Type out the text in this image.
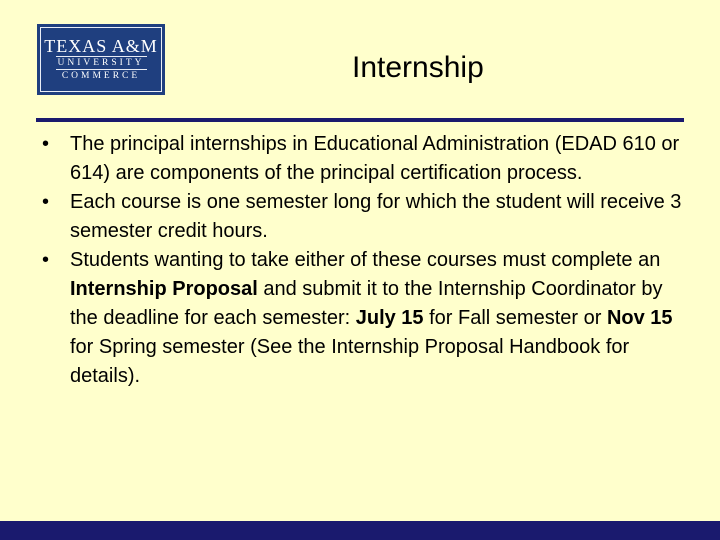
TEXAS A&M
UNIVERSITY
COMMERCE	Internship
• The principal internships in Educational Administration (EDAD 610 or 614) are components of the principal certification process.
• Each course is one semester long for which the student will receive 3 semester credit hours.
• Students wanting to take either of these courses must complete an Internship Proposal and submit it to the Internship Coordinator by the deadline for each semester: July 15 for Fall semester or Nov 15 for Spring semester (See the Internship Proposal Handbook for details).
